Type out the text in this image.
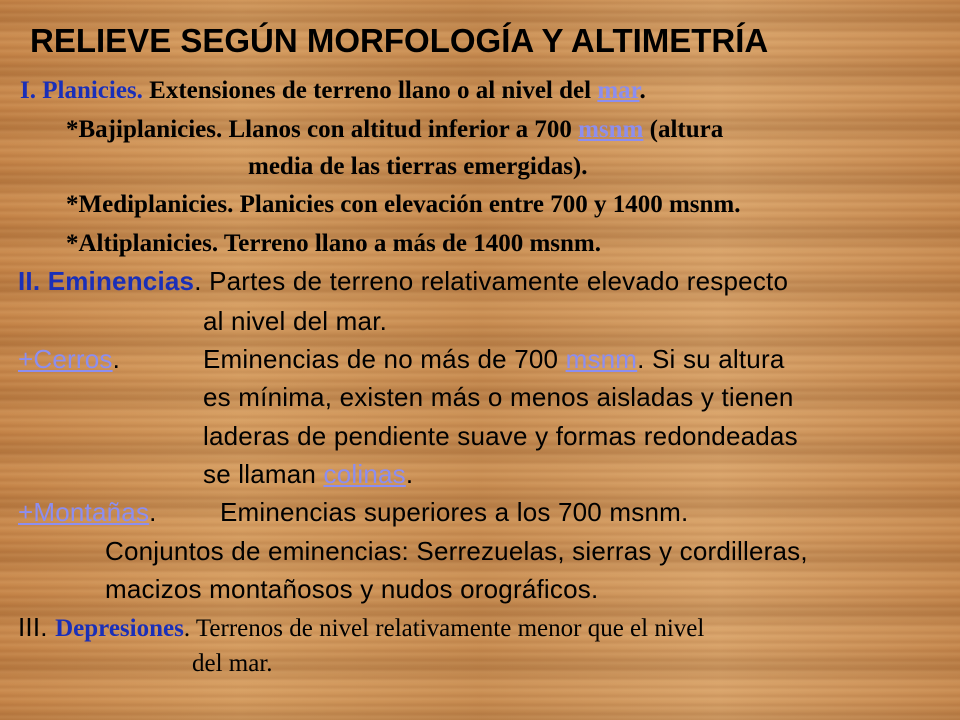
RELIEVE SEGÚN MORFOLOGÍA Y ALTIMETRÍA
I. Planicies. Extensiones de terreno llano o al nivel del mar.
*Bajiplanicies. Llanos con altitud inferior a 700 msnm (altura
media de las tierras emergidas).
*Mediplanicies. Planicies con elevación entre 700 y 1400 msnm.
*Altiplanicies. Terreno llano a más de 1400 msnm.
II. Eminencias. Partes de terreno relativamente elevado respecto
al nivel del mar.
+Cerros.	Eminencias de no más de 700 msnm. Si su altura
es mínima, existen más o menos aisladas y tienen
laderas de pendiente suave y formas redondeadas
se llaman colinas.
+Montañas. Eminencias superiores a los 700 msnm.
Conjuntos de eminencias: Serrezuelas, sierras y cordilleras,
macizos montañosos y nudos orográficos.
III. Depresiones. Terrenos de nivel relativamente menor que el nivel
del mar.
